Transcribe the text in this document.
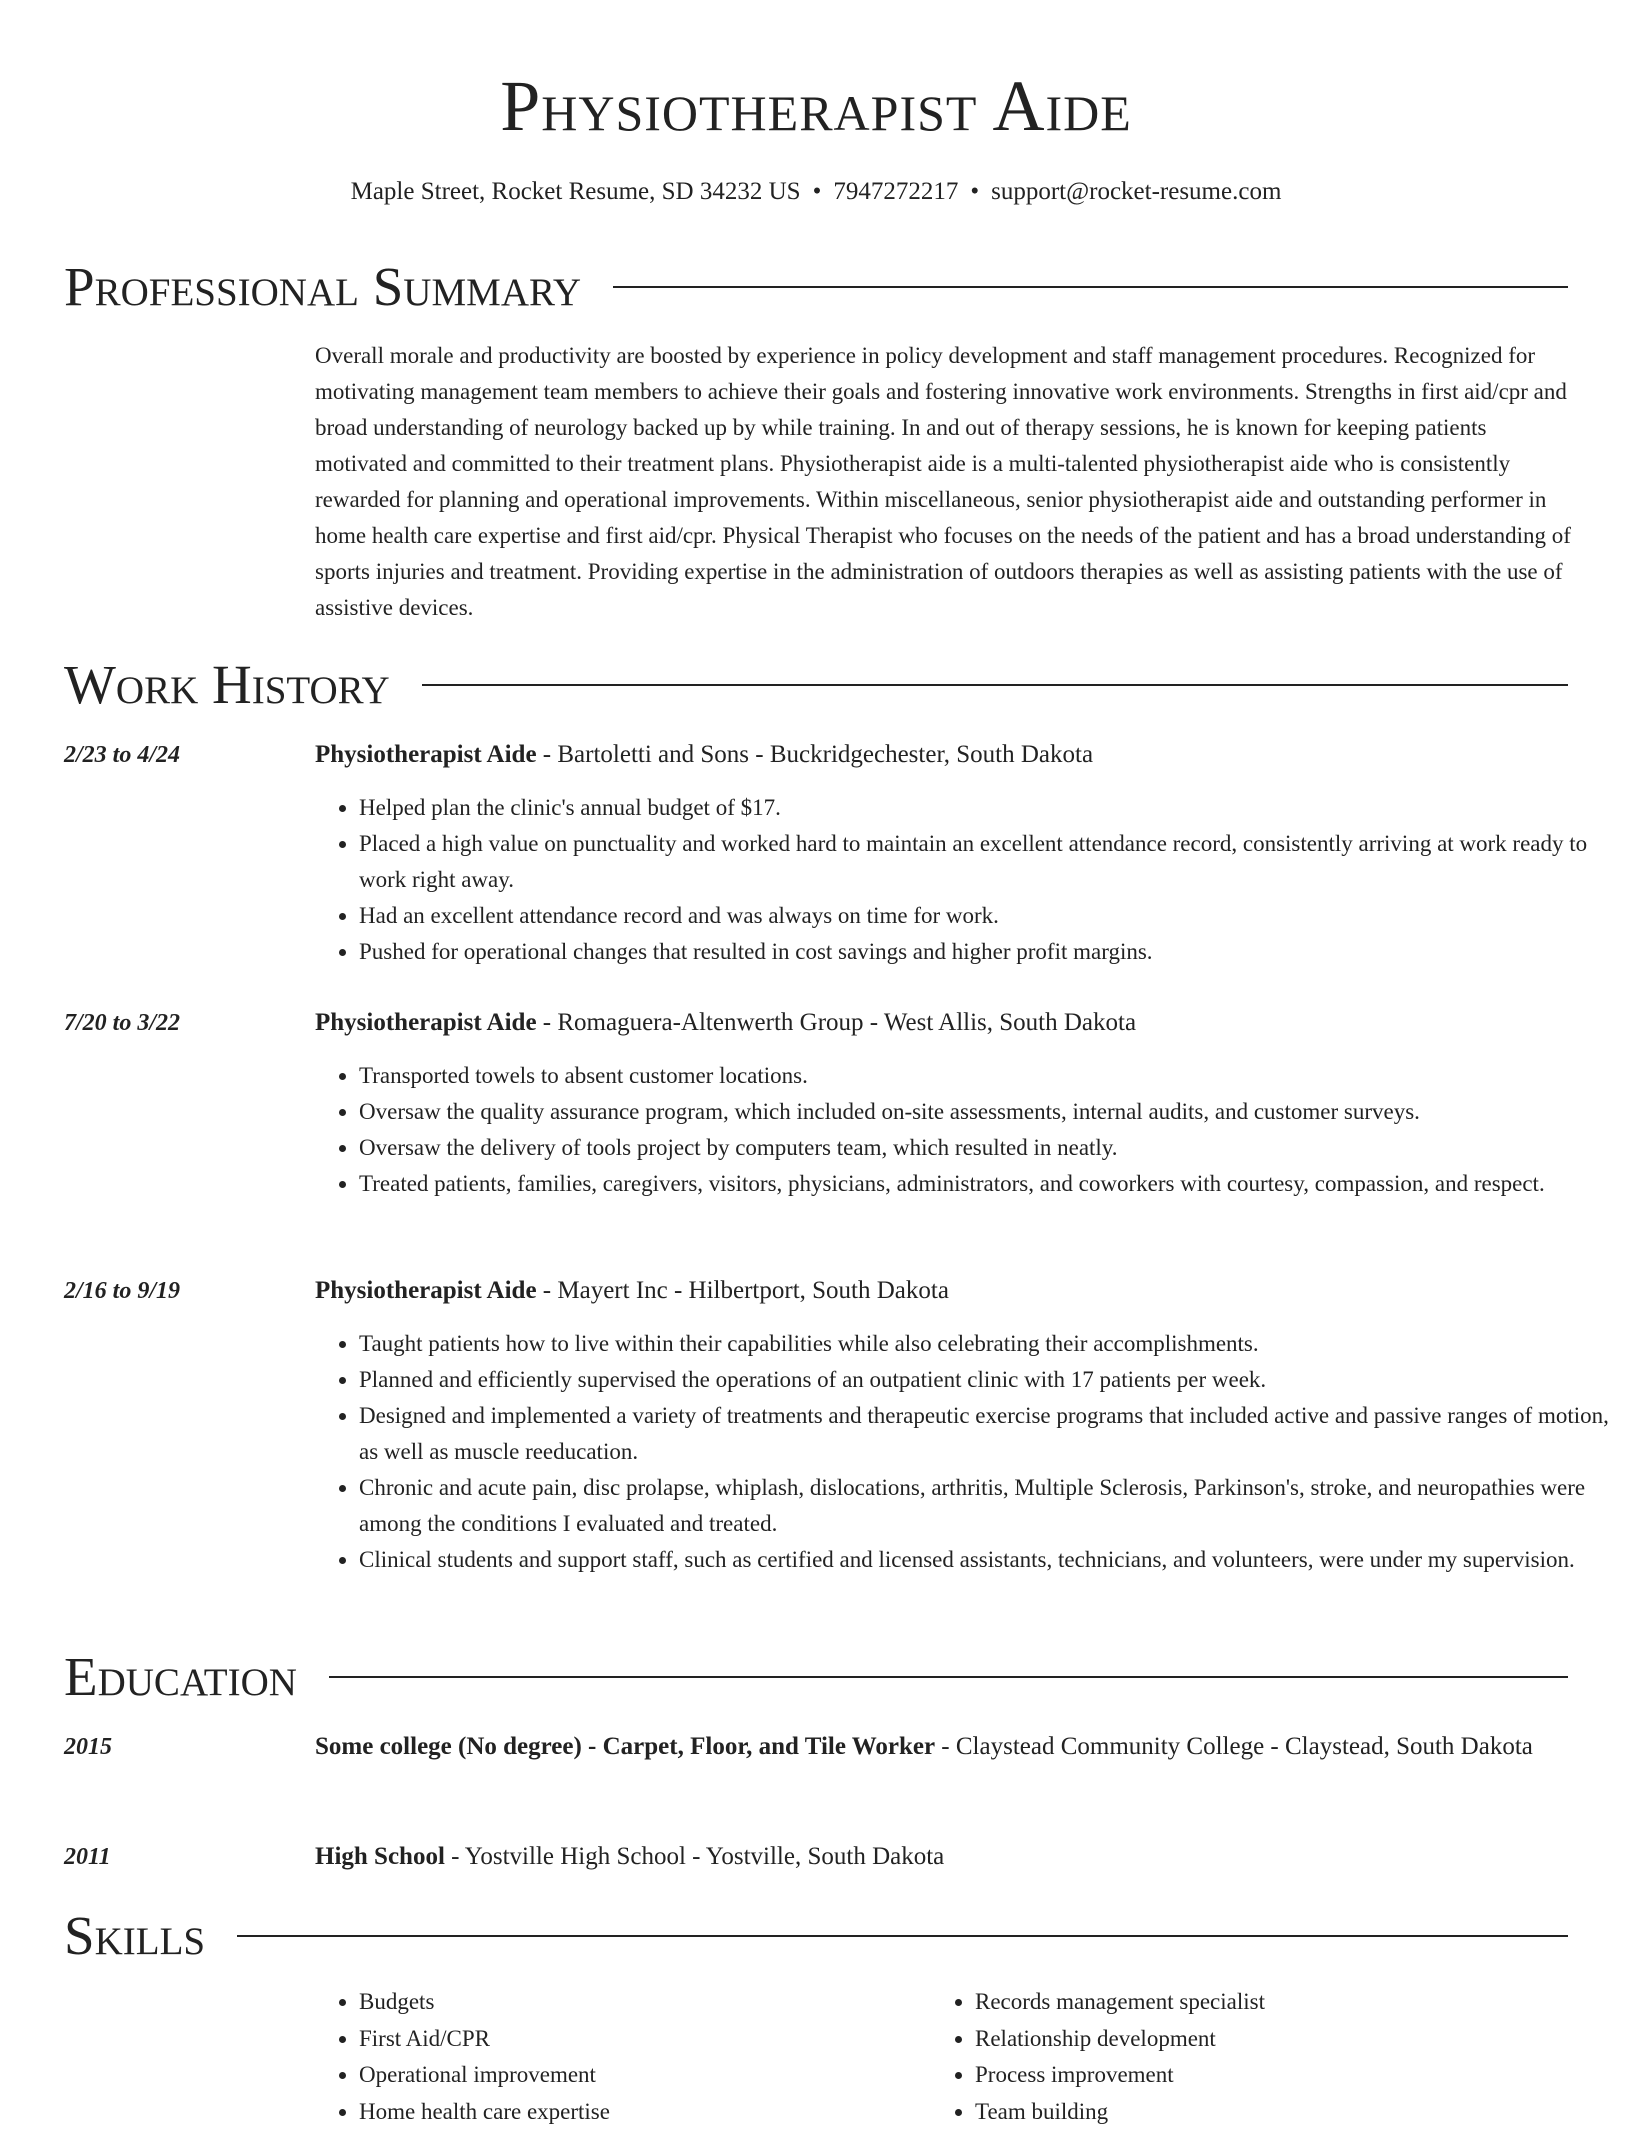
Physiotherapist Aide
Maple Street, Rocket Resume, SD 34232 US • 7947272217 • support@rocket-resume.com
Professional Summary

Overall morale and productivity are boosted by experience in policy development and staff management procedures. Recognized for motivating management team members to achieve their goals and fostering innovative work environments. Strengths in first aid/cpr and broad understanding of neurology backed up by while training. In and out of therapy sessions, he is known for keeping patients motivated and committed to their treatment plans. Physiotherapist aide is a multi-talented physiotherapist aide who is consistently rewarded for planning and operational improvements. Within miscellaneous, senior physiotherapist aide and outstanding performer in home health care expertise and first aid/cpr. Physical Therapist who focuses on the needs of the patient and has a broad understanding of sports injuries and treatment. Providing expertise in the administration of outdoors therapies as well as assisting patients with the use of assistive devices.

Work History
2/23 to 4/24	Physiotherapist Aide - Bartoletti and Sons - Buckridgechester, South Dakota
• Helped plan the clinic's annual budget of $17.
• Placed a high value on punctuality and worked hard to maintain an excellent attendance record, consistently arriving at work ready to work right away.
• Had an excellent attendance record and was always on time for work.
• Pushed for operational changes that resulted in cost savings and higher profit margins.
7/20 to 3/22	Physiotherapist Aide - Romaguera-Altenwerth Group - West Allis, South Dakota
• Transported towels to absent customer locations.
• Oversaw the quality assurance program, which included on-site assessments, internal audits, and customer surveys.
• Oversaw the delivery of tools project by computers team, which resulted in neatly.
• Treated patients, families, caregivers, visitors, physicians, administrators, and coworkers with courtesy, compassion, and respect.
2/16 to 9/19	Physiotherapist Aide - Mayert Inc - Hilbertport, South Dakota
• Taught patients how to live within their capabilities while also celebrating their accomplishments.
• Planned and efficiently supervised the operations of an outpatient clinic with 17 patients per week.
• Designed and implemented a variety of treatments and therapeutic exercise programs that included active and passive ranges of motion, as well as muscle reeducation.
• Chronic and acute pain, disc prolapse, whiplash, dislocations, arthritis, Multiple Sclerosis, Parkinson's, stroke, and neuropathies were among the conditions I evaluated and treated.
• Clinical students and support staff, such as certified and licensed assistants, technicians, and volunteers, were under my supervision.
Education
2015	Some college (No degree) - Carpet, Floor, and Tile Worker - Claystead Community College - Claystead, South Dakota
2011	High School - Yostville High School - Yostville, South Dakota
Skills
• Budgets
• First Aid/CPR
• Operational improvement
• Home health care expertise
• Records management specialist
• Relationship development
• Process improvement
• Team building
